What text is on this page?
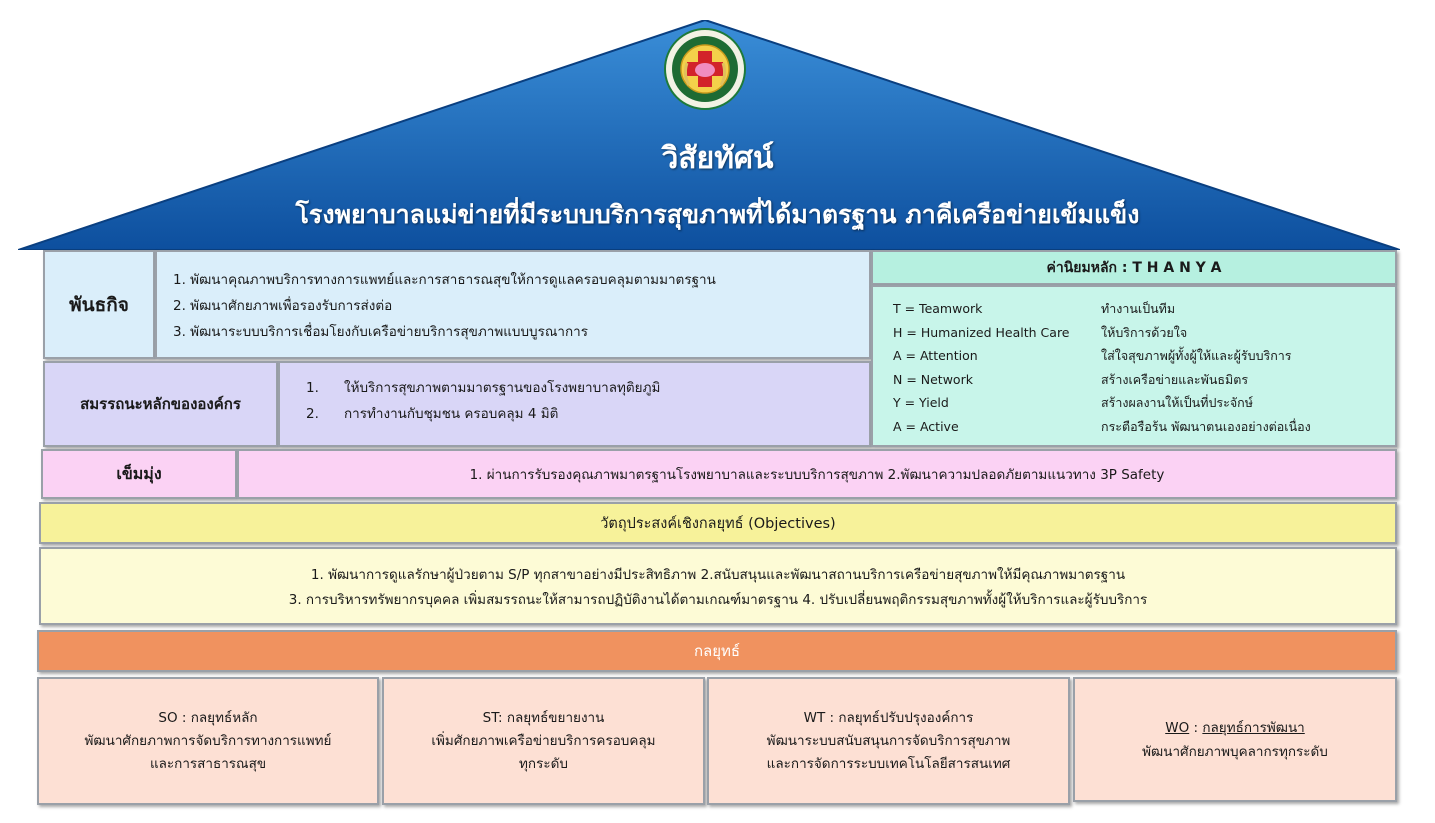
วิสัยทัศน์
โรงพยาบาลแม่ข่ายที่มีระบบบริการสุขภาพที่ได้มาตรฐาน ภาคีเครือข่ายเข้มแข็ง
พันธกิจ
1. พัฒนาคุณภาพบริการทางการแพทย์และการสาธารณสุขให้การดูแลครอบคลุมตามมาตรฐาน
2. พัฒนาศักยภาพเพื่อรองรับการส่งต่อ
3. พัฒนาระบบบริการเชื่อมโยงกับเครือข่ายบริการสุขภาพแบบบูรณาการ
สมรรถนะหลักขององค์กร
1.	ให้บริการสุขภาพตามมาตรฐานของโรงพยาบาลทุติยภูมิ
2.	การทำงานกับชุมชน ครอบคลุม 4 มิติ
ค่านิยมหลัก : T H A N Y A
T = Teamwork	ทำงานเป็นทีม
H = Humanized Health Care	ให้บริการด้วยใจ
A = Attention	ใส่ใจสุขภาพผู้ทั้งผู้ให้และผู้รับบริการ
N = Network	สร้างเครือข่ายและพันธมิตร
Y = Yield	สร้างผลงานให้เป็นที่ประจักษ์
A = Active	กระตือรือร้น พัฒนาตนเองอย่างต่อเนื่อง
เข็มมุ่ง	1. ผ่านการรับรองคุณภาพมาตรฐานโรงพยาบาลและระบบบริการสุขภาพ 2.พัฒนาความปลอดภัยตามแนวทาง 3P Safety
วัตถุประสงค์เชิงกลยุทธ์ (Objectives)
1. พัฒนาการดูแลรักษาผู้ป่วยตาม S/P ทุกสาขาอย่างมีประสิทธิภาพ 2.สนับสนุนและพัฒนาสถานบริการเครือข่ายสุขภาพให้มีคุณภาพมาตรฐาน
3. การบริหารทรัพยากรบุคคล เพิ่มสมรรถนะให้สามารถปฏิบัติงานได้ตามเกณฑ์มาตรฐาน 4. ปรับเปลี่ยนพฤติกรรมสุขภาพทั้งผู้ให้บริการและผู้รับบริการ
กลยุทธ์
SO : กลยุทธ์หลัก
พัฒนาศักยภาพการจัดบริการทางการแพทย์
และการสาธารณสุข
ST: กลยุทธ์ขยายงาน
เพิ่มศักยภาพเครือข่ายบริการครอบคลุม
ทุกระดับ
WT : กลยุทธ์ปรับปรุงองค์การ
พัฒนาระบบสนับสนุนการจัดบริการสุขภาพ
และการจัดการระบบเทคโนโลยีสารสนเทศ
WO : กลยุทธ์การพัฒนา
พัฒนาศักยภาพบุคลากรทุกระดับ
